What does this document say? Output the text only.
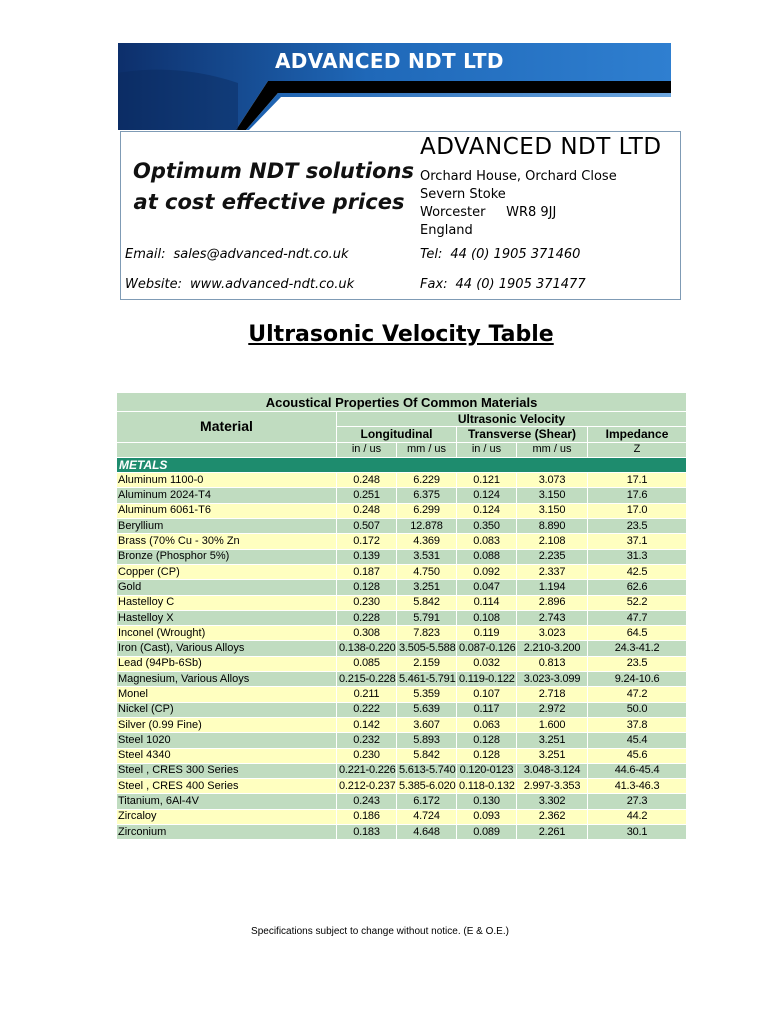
ADVANCED NDT LTD
Optimum NDT solutions
at cost effective prices
ADVANCED NDT LTD
Orchard House, Orchard Close
Severn Stoke
Worcester     WR8 9JJ
England
Email: sales@advanced-ndt.co.uk
Website: www.advanced-ndt.co.uk
Tel: 44 (0) 1905 371460
Fax: 44 (0) 1905 371477
Ultrasonic Velocity Table
Acoustical Properties Of Common Materials					
Material	Ultrasonic Velocity				
	Longitudinal		Transverse (Shear)		Impedance
	in / us	mm / us	in / us	mm / us	Z
METALS					
Aluminum 1100-0	0.248	6.229	0.121	3.073	17.1
Aluminum 2024-T4	0.251	6.375	0.124	3.150	17.6
Aluminum 6061-T6	0.248	6.299	0.124	3.150	17.0
Beryllium	0.507	12.878	0.350	8.890	23.5
Brass (70% Cu - 30% Zn	0.172	4.369	0.083	2.108	37.1
Bronze (Phosphor 5%)	0.139	3.531	0.088	2.235	31.3
Copper (CP)	0.187	4.750	0.092	2.337	42.5
Gold	0.128	3.251	0.047	1.194	62.6
Hastelloy C	0.230	5.842	0.114	2.896	52.2
Hastelloy X	0.228	5.791	0.108	2.743	47.7
Inconel (Wrought)	0.308	7.823	0.119	3.023	64.5
Iron (Cast), Various Alloys	0.138-0.220	3.505-5.588	0.087-0.126	2.210-3.200	24.3-41.2
Lead (94Pb-6Sb)	0.085	2.159	0.032	0.813	23.5
Magnesium, Various Alloys	0.215-0.228	5.461-5.791	0.119-0.122	3.023-3.099	9.24-10.6
Monel	0.211	5.359	0.107	2.718	47.2
Nickel (CP)	0.222	5.639	0.117	2.972	50.0
Silver (0.99 Fine)	0.142	3.607	0.063	1.600	37.8
Steel 1020	0.232	5.893	0.128	3.251	45.4
Steel 4340	0.230	5.842	0.128	3.251	45.6
Steel , CRES 300 Series	0.221-0.226	5.613-5.740	0.120-0123	3.048-3.124	44.6-45.4
Steel , CRES 400 Series	0.212-0.237	5.385-6.020	0.118-0.132	2.997-3.353	41.3-46.3
Titanium, 6Al-4V	0.243	6.172	0.130	3.302	27.3
Zircaloy	0.186	4.724	0.093	2.362	44.2
Zirconium	0.183	4.648	0.089	2.261	30.1
Specifications subject to change without notice. (E & O.E.)
